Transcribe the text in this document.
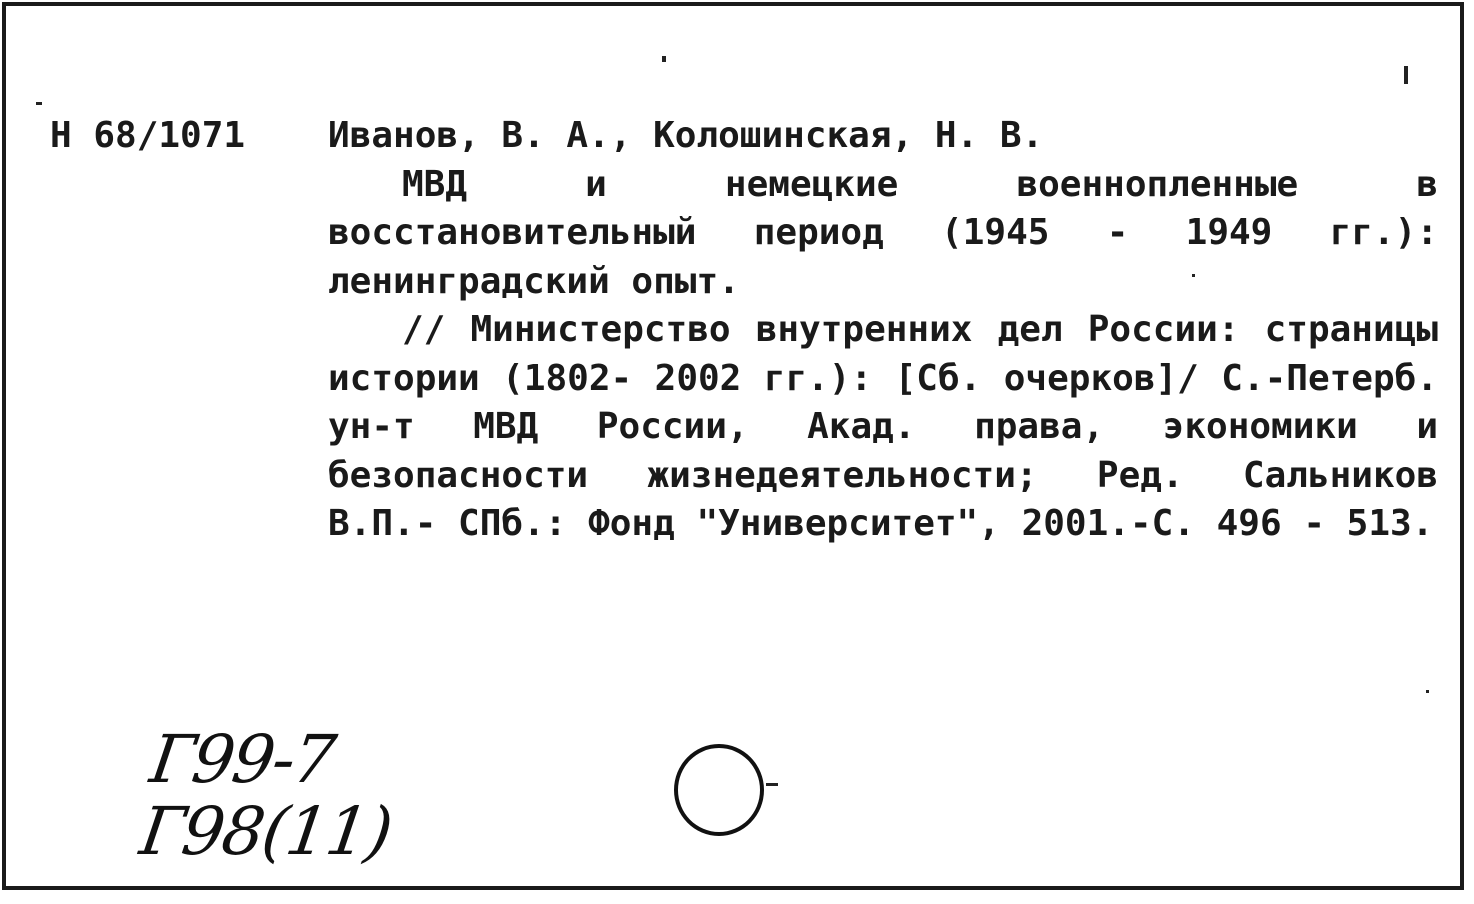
Н 68/1071 Иванов, В. А., Колошинская, Н. В.

МВД и немецкие военнопленные в восстановительный период (1945 - 1949 гг.): ленинградский опыт.

// Министерство внутренних дел России: страницы истории (1802- 2002 гг.): [Сб. очерков]/ С.-Петерб. ун-т МВД России, Акад. права, экономики и безопасности жизнедеятельности; Ред. Сальников В.П.- СПб.: Фонд "Университет", 2001.-С. 496 - 513.

Г99-7
Г98(11)
